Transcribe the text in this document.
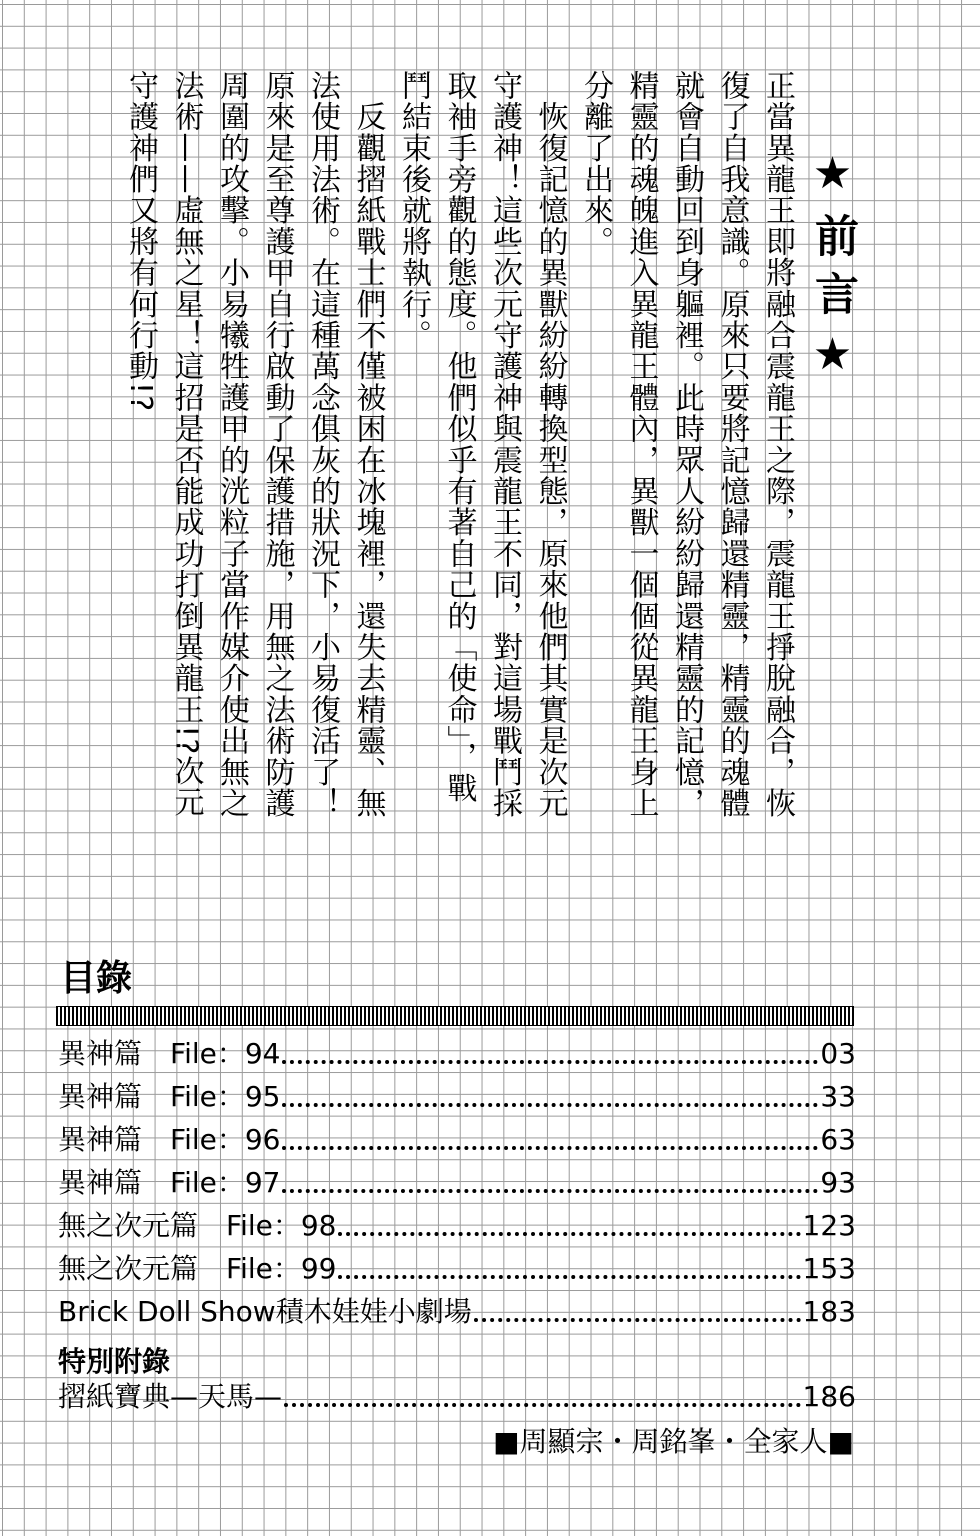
★前言★
正當異龍王即將融合震龍王之際，震龍王掙脫融合，恢復了自我意識。原來只要將記憶歸還精靈，精靈的魂體就會自動回到身軀裡。此時眾人紛紛歸還精靈的記憶，精靈的魂魄進入異龍王體內，異獸一個個從異龍王身上分離了出來。
　恢復記憶的異獸紛紛轉換型態，原來他們其實是次元守護神！這些次元守護神與震龍王不同，對這場戰鬥採取袖手旁觀的態度。他們似乎有著自己的「使命」，戰鬥結束後就將執行。
　反觀摺紙戰士們不僅被困在冰塊裡，還失去精靈、無法使用法術。在這種萬念俱灰的狀況下，小易復活了！原來是至尊護甲自行啟動了保護措施，用無之法術防護周圍的攻擊。小易犧牲護甲的洸粒子當作媒介使出無之法術——虛無之星！這招是否能成功打倒異龍王!?次元守護神們又將有何行動!?
目錄
異神篇　File：94	03
異神篇　File：95	33
異神篇　File：96	63
異神篇　File：97	93
無之次元篇　File：98	123
無之次元篇　File：99	153
Brick Doll Show積木娃娃小劇場	183
特別附錄
摺紙寶典—天馬—	186
■周顯宗・周銘峯・全家人■
